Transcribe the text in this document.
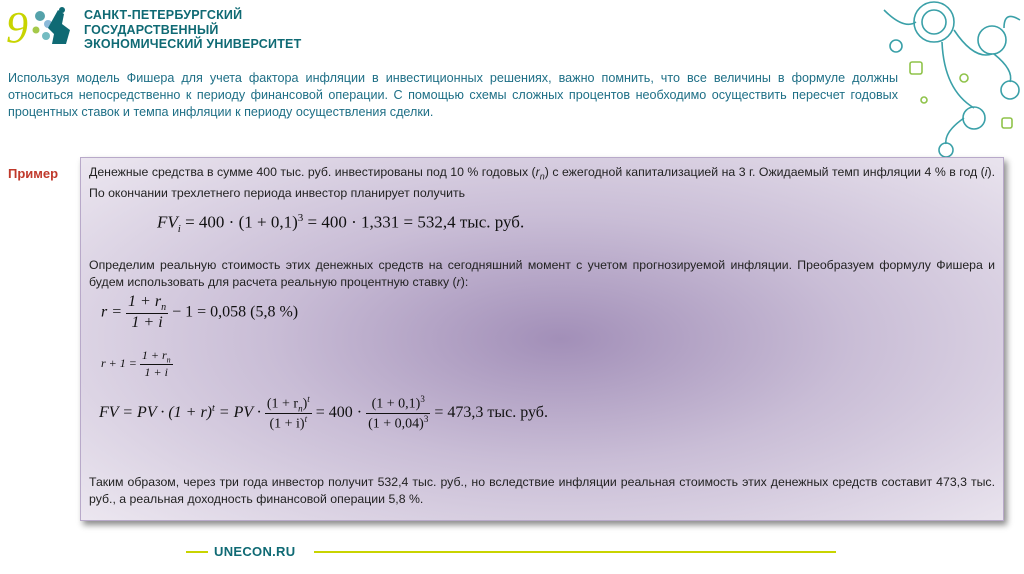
9	САНКТ-ПЕТЕРБУРГСКИЙ
ГОСУДАРСТВЕННЫЙ
ЭКОНОМИЧЕСКИЙ УНИВЕРСИТЕТ
Используя модель Фишера для учета фактора инфляции в инвестиционных решениях, важно помнить, что все величины в формуле должны относиться непосредственно к периоду финансовой операции. С помощью схемы сложных процентов необходимо осуществить пересчет годовых процентных ставок и темпа инфляции к периоду осуществления сделки.
Пример	Денежные средства в сумме 400 тыс. руб. инвестированы под 10 % годовых $(r_n)$ с ежегодной капитализацией на 3 г. Ожидаемый темп инфляции 4 % в год (i). По окончании трехлетнего периода инвестор планирует получить
$FV_i = 400 \cdot (1 + 0,1)^3 = 400 \cdot 1,331 = 532,4$ тыс. руб.
Определим реальную стоимость этих денежных средств на сегодняшний момент с учетом прогнозируемой инфляции. Преобразуем формулу Фишера и будем использовать для расчета реальную процентную ставку (r):
$r = \frac{1 + r_n}{1 + i} - 1 = 0,058$ (5,8 %)
$r + 1 = \frac{1 + r_n}{1 + i}$
FV = PV · $(1 + r)^t$ = PV · $\frac{(1 + r_n)^t}{(1 + i)^t} = 400 \cdot \frac{(1 + 0,1)^3}{(1 + 0,04)^3} = 473,3$ тыс. руб.
Таким образом, через три года инвестор получит 532,4 тыс. руб., но вследствие инфляции реальная стоимость этих денежных средств составит 473,3 тыс. руб., а реальная доходность финансовой операции 5,8 %.
UNECON.RU
